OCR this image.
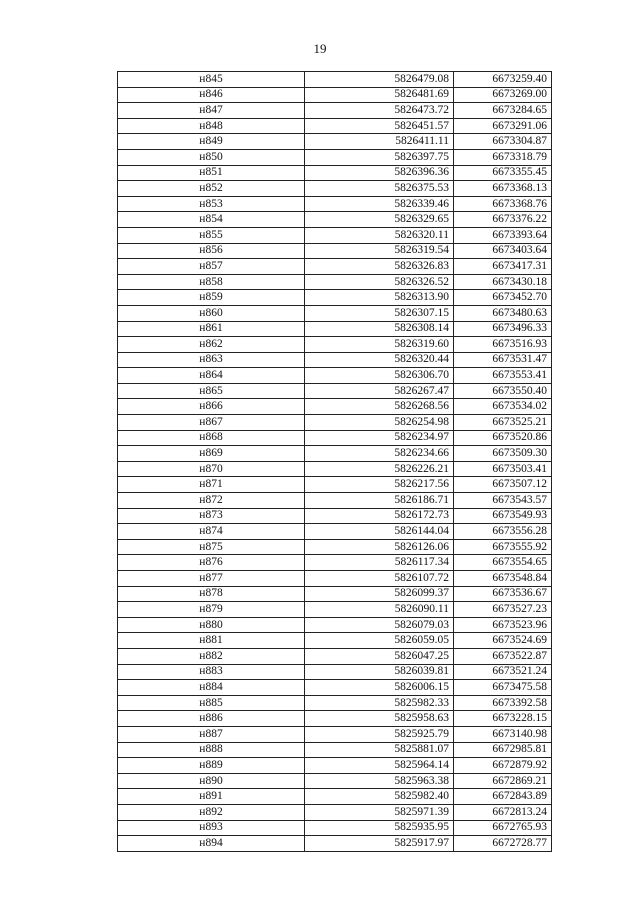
19
н845	5826479.08	6673259.40
н846	5826481.69	6673269.00
н847	5826473.72	6673284.65
н848	5826451.57	6673291.06
н849	5826411.11	6673304.87
н850	5826397.75	6673318.79
н851	5826396.36	6673355.45
н852	5826375.53	6673368.13
н853	5826339.46	6673368.76
н854	5826329.65	6673376.22
н855	5826320.11	6673393.64
н856	5826319.54	6673403.64
н857	5826326.83	6673417.31
н858	5826326.52	6673430.18
н859	5826313.90	6673452.70
н860	5826307.15	6673480.63
н861	5826308.14	6673496.33
н862	5826319.60	6673516.93
н863	5826320.44	6673531.47
н864	5826306.70	6673553.41
н865	5826267.47	6673550.40
н866	5826268.56	6673534.02
н867	5826254.98	6673525.21
н868	5826234.97	6673520.86
н869	5826234.66	6673509.30
н870	5826226.21	6673503.41
н871	5826217.56	6673507.12
н872	5826186.71	6673543.57
н873	5826172.73	6673549.93
н874	5826144.04	6673556.28
н875	5826126.06	6673555.92
н876	5826117.34	6673554.65
н877	5826107.72	6673548.84
н878	5826099.37	6673536.67
н879	5826090.11	6673527.23
н880	5826079.03	6673523.96
н881	5826059.05	6673524.69
н882	5826047.25	6673522.87
н883	5826039.81	6673521.24
н884	5826006.15	6673475.58
н885	5825982.33	6673392.58
н886	5825958.63	6673228.15
н887	5825925.79	6673140.98
н888	5825881.07	6672985.81
н889	5825964.14	6672879.92
н890	5825963.38	6672869.21
н891	5825982.40	6672843.89
н892	5825971.39	6672813.24
н893	5825935.95	6672765.93
н894	5825917.97	6672728.77
